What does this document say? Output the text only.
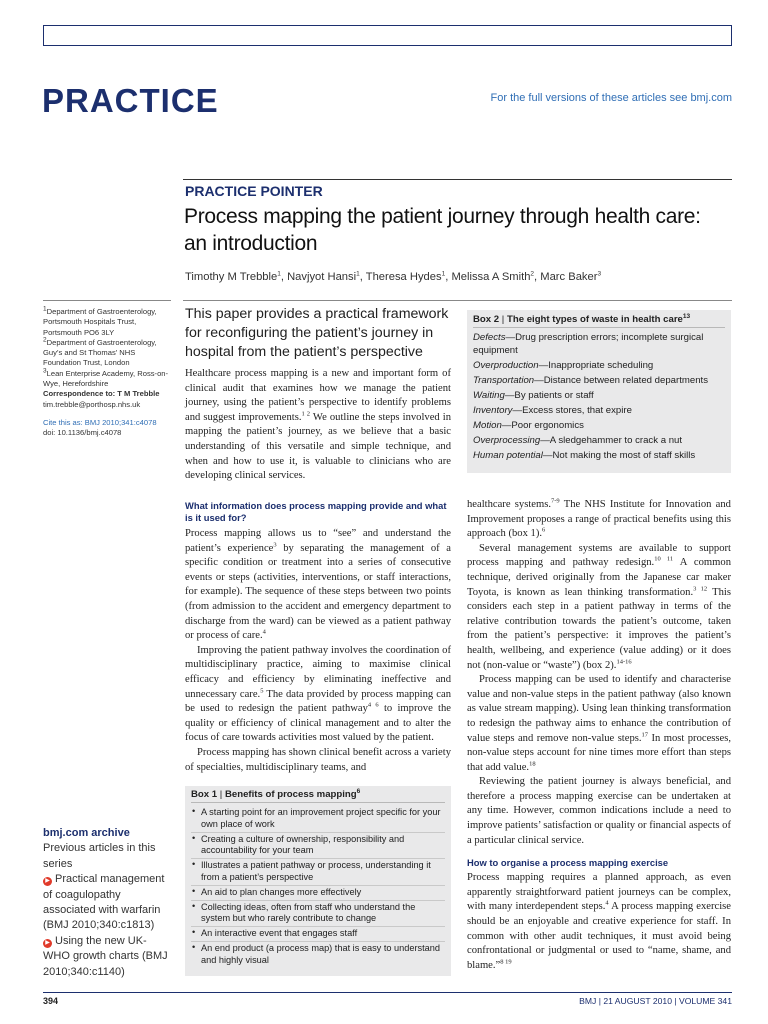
PRACTICE	For the full versions of these articles see bmj.com
PRACTICE POINTER
Process mapping the patient journey through health care: an introduction
Timothy M Trebble$^1$, Navjyot Hansi$^1$, Theresa Hydes$^1$, Melissa A Smith$^2$, Marc Baker$^3$
$^1$Department of Gastroenterology, Portsmouth Hospitals Trust, Portsmouth PO6 3LY
$^2$Department of Gastroenterology, Guy’s and St Thomas’ NHS Foundation Trust, London
$^3$Lean Enterprise Academy, Ross-on-Wye, Herefordshire
Correspondence to: T M Trebble
tim.trebble@porthosp.nhs.uk
Cite this as: BMJ 2010;341:c4078
doi: 10.1136/bmj.c4078
This paper provides a practical framework for reconfiguring the patient’s journey in hospital from the patient’s perspective
Healthcare process mapping is a new and important form of clinical audit that examines how we manage the patient journey, using the patient’s perspective to identify problems and suggest improvements.$^{1 2}$ We outline the steps involved in mapping the patient’s journey, as we believe that a basic understanding of this versatile and simple technique, and when and how to use it, is valuable to clinicians who are developing clinical services.
What information does process mapping provide and what is it used for?

Process mapping allows us to “see” and understand the patient’s experience$^3$ by separating the management of a specific condition or treatment into a series of consecutive events or steps (activities, interventions, or staff interactions, for example). The sequence of these steps between two points (from admission to the accident and emergency department to discharge from the ward) can be viewed as a patient pathway or process of care.$^4$

Improving the patient pathway involves the coordination of multidisciplinary practice, aiming to maximise clinical efficacy and efficiency by eliminating ineffective and unnecessary care.$^5$ The data provided by process mapping can be used to redesign the patient pathway$^{4 6}$ to improve the quality or efficiency of clinical management and to alter the focus of care towards activities most valued by the patient.

Process mapping has shown clinical benefit across a variety of specialties, multidisciplinary teams, and

Box 2 | The eight types of waste in health care$^{13}$
Defects—Drug prescription errors; incomplete surgical equipment
Overproduction—Inappropriate scheduling
Transportation—Distance between related departments
Waiting—By patients or staff
Inventory—Excess stores, that expire
Motion—Poor ergonomics
Overprocessing—A sledgehammer to crack a nut
Human potential—Not making the most of staff skills

healthcare systems.$^{7-9}$ The NHS Institute for Innovation and Improvement proposes a range of practical benefits using this approach (box 1).$^6$

Several management systems are available to support process mapping and pathway redesign.$^{10 11}$ A common technique, derived originally from the Japanese car maker Toyota, is known as lean thinking transformation.$^{3 12}$ This considers each step in a patient pathway in terms of the relative contribution towards the patient’s outcome, taken from the patient’s perspective: it improves the patient’s health, wellbeing, and experience (value adding) or it does not (non-value or “waste”) (box 2).$^{14-16}$

Process mapping can be used to identify and characterise value and non-value steps in the patient pathway (also known as value stream mapping). Using lean thinking transformation to redesign the pathway aims to enhance the contribution of value steps and remove non-value steps.$^{17}$ In most processes, non-value steps account for nine times more effort than steps that add value.$^{18}$

Reviewing the patient journey is always beneficial, and therefore a process mapping exercise can be undertaken at any time. However, common indications include a need to improve patients’ satisfaction or quality or financial aspects of a particular clinical service.

How to organise a process mapping exercise

Process mapping requires a planned approach, as even apparently straightforward patient journeys can be complex, with many interdependent steps.$^4$ A process mapping exercise should be an enjoyable and creative experience for staff. In common with other audit techniques, it must avoid being confrontational or judgmental or used to “name, shame, and blame.”$^{8 19}$

Box 1 | Benefits of process mapping$^6$
• A starting point for an improvement project specific for your own place of work
• Creating a culture of ownership, responsibility and accountability for your team
• Illustrates a patient pathway or process, understanding it from a patient’s perspective
• An aid to plan changes more effectively
• Collecting ideas, often from staff who understand the system but who rarely contribute to change
• An interactive event that engages staff
• An end product (a process map) that is easy to understand and highly visual
bmj.com archive
Previous articles in this series
▶ Practical management of coagulopathy associated with warfarin (BMJ 2010;340:c1813)
▶ Using the new UK-WHO growth charts (BMJ 2010;340:c1140)
394	BMJ | 21 AUGUST 2010 | VOLUME 341
